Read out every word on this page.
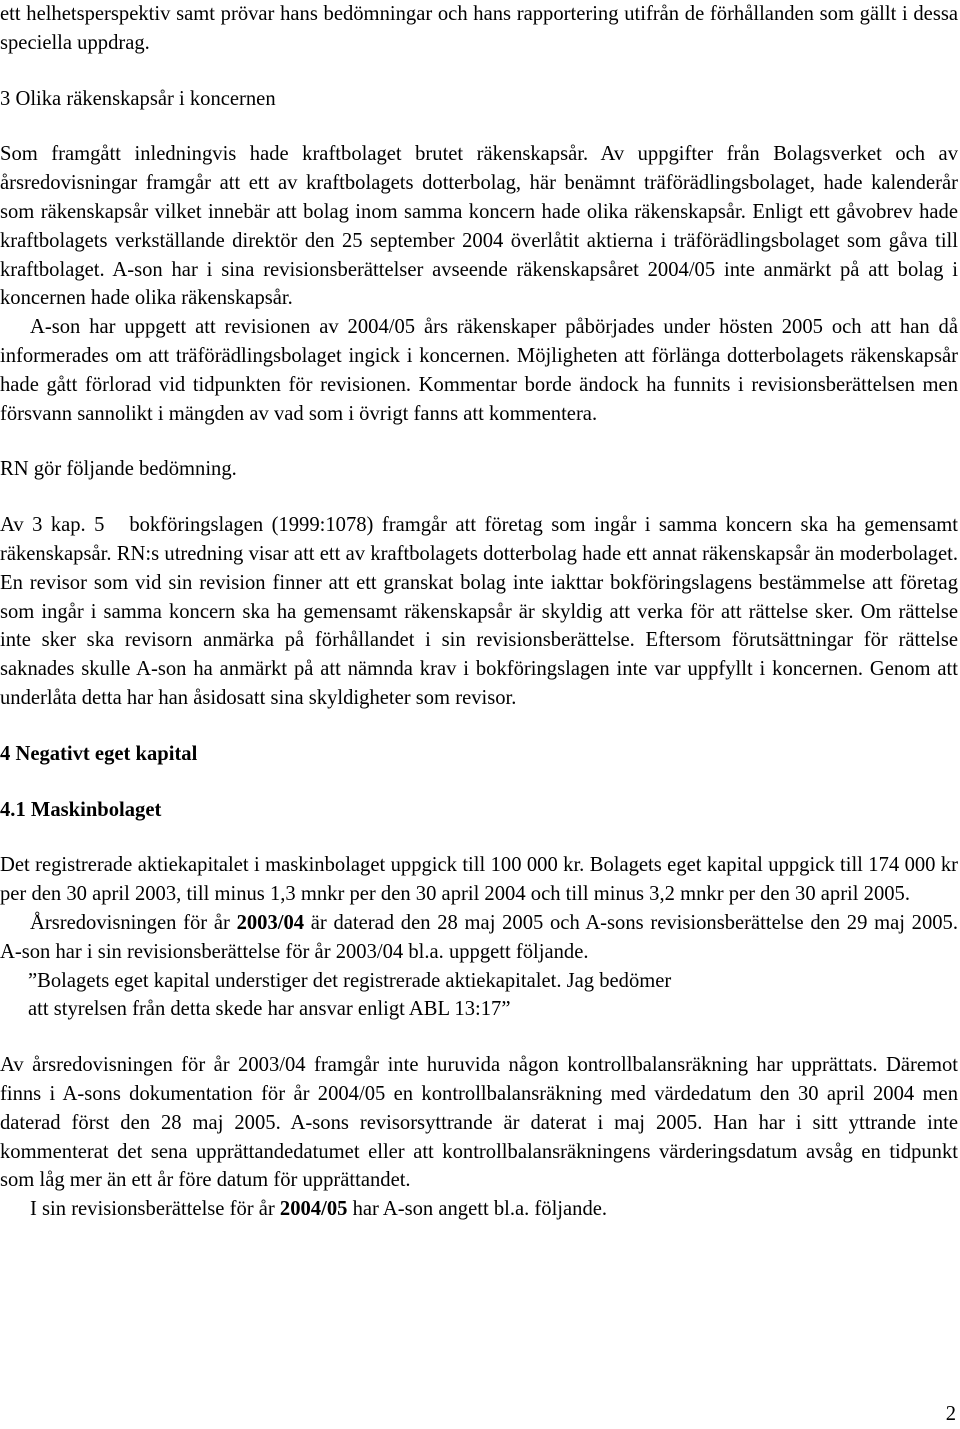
ett helhetsperspektiv samt prövar hans bedömningar och hans rapportering utifrån de förhållanden som gällt i dessa speciella uppdrag.

3 Olika räkenskapsår i koncernen

Som framgått inledningvis hade kraftbolaget brutet räkenskapsår. Av uppgifter från Bolagsverket och av årsredovisningar framgår att ett av kraftbolagets dotterbolag, här benämnt träförädlingsbolaget, hade kalenderår som räkenskapsår vilket innebär att bolag inom samma koncern hade olika räkenskapsår. Enligt ett gåvobrev hade kraftbolagets verkställande direktör den 25 september 2004 överlåtit aktierna i träförädlingsbolaget som gåva till kraftbolaget. A-son har i sina revisionsberättelser avseende räkenskapsåret 2004/05 inte anmärkt på att bolag i koncernen hade olika räkenskapsår.

A-son har uppgett att revisionen av 2004/05 års räkenskaper påbörjades under hösten 2005 och att han då informerades om att träförädlingsbolaget ingick i koncernen. Möjligheten att förlänga dotterbolagets räkenskapsår hade gått förlorad vid tidpunkten för revisionen. Kommentar borde ändock ha funnits i revisionsberättelsen men försvann sannolikt i mängden av vad som i övrigt fanns att kommentera.

RN gör följande bedömning.

Av 3 kap. 5  bokföringslagen (1999:1078) framgår att företag som ingår i samma koncern ska ha gemensamt räkenskapsår. RN:s utredning visar att ett av kraftbolagets dotterbolag hade ett annat räkenskapsår än moderbolaget. En revisor som vid sin revision finner att ett granskat bolag inte iakttar bokföringslagens bestämmelse att företag som ingår i samma koncern ska ha gemensamt räkenskapsår är skyldig att verka för att rättelse sker. Om rättelse inte sker ska revisorn anmärka på förhållandet i sin revisionsberättelse. Eftersom förutsättningar för rättelse saknades skulle A-son ha anmärkt på att nämnda krav i bokföringslagen inte var uppfyllt i koncernen. Genom att underlåta detta har han åsidosatt sina skyldigheter som revisor.

4 Negativt eget kapital
4.1 Maskinbolaget

Det registrerade aktiekapitalet i maskinbolaget uppgick till 100 000 kr. Bolagets eget kapital uppgick till 174 000 kr per den 30 april 2003, till minus 1,3 mnkr per den 30 april 2004 och till minus 3,2 mnkr per den 30 april 2005.

Årsredovisningen för år 2003/04 är daterad den 28 maj 2005 och A-sons revisionsberättelse den 29 maj 2005. A-son har i sin revisionsberättelse för år 2003/04 bl.a. uppgett följande.

”Bolagets eget kapital understiger det registrerade aktiekapitalet. Jag bedömer
att styrelsen från detta skede har ansvar enligt ABL 13:17”

Av årsredovisningen för år 2003/04 framgår inte huruvida någon kontrollbalansräkning har upprättats. Däremot finns i A-sons dokumentation för år 2004/05 en kontrollbalansräkning med värdedatum den 30 april 2004 men daterad först den 28 maj 2005. A-sons revisorsyttrande är daterat i maj 2005. Han har i sitt yttrande inte kommenterat det sena upprättandedatumet eller att kontrollbalansräkningens värderingsdatum avsåg en tidpunkt som låg mer än ett år före datum för upprättandet.

I sin revisionsberättelse för år 2004/05 har A-son angett bl.a. följande.

2
